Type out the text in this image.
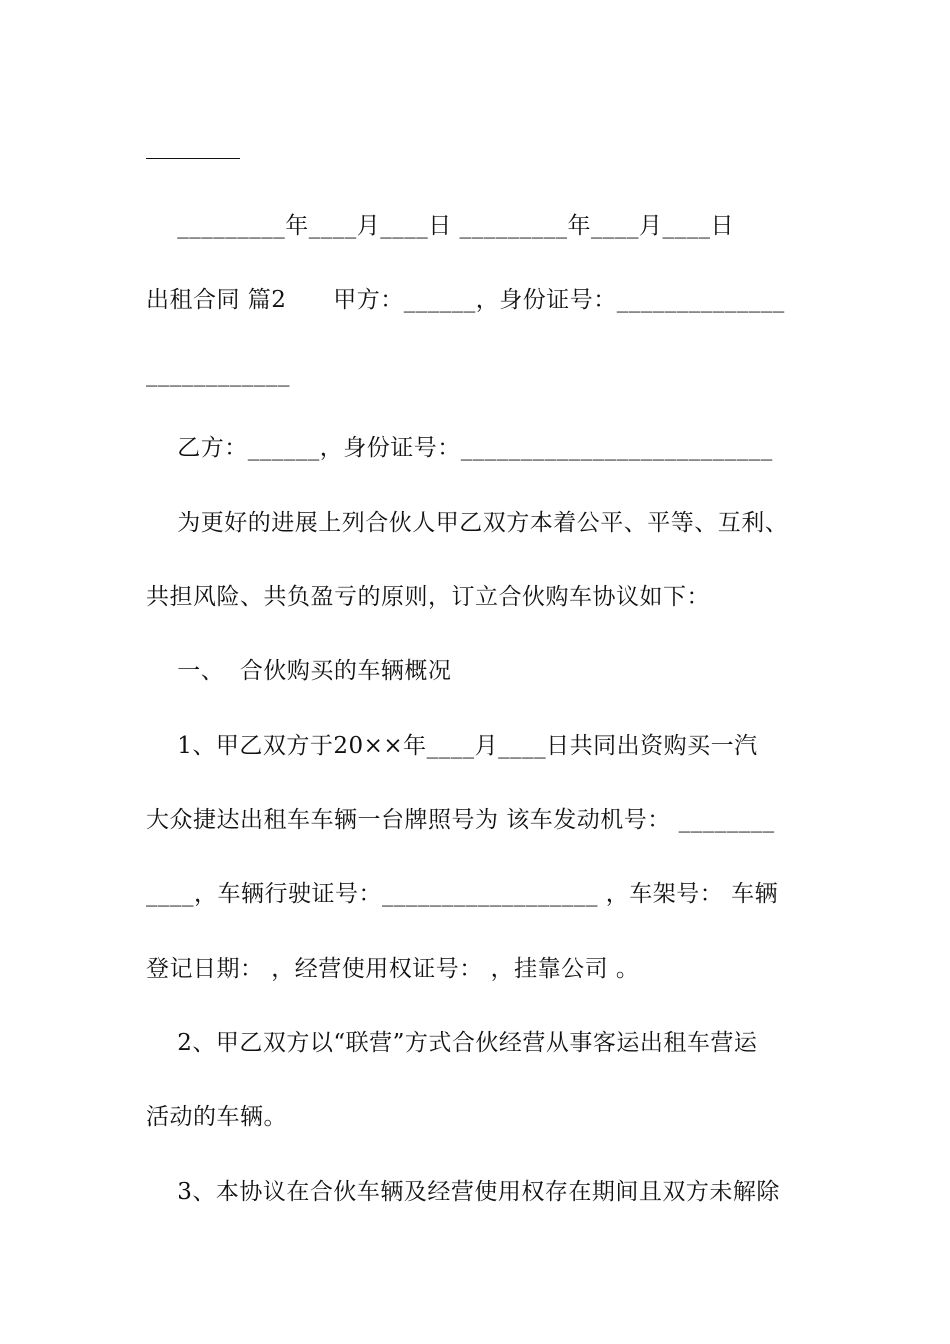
_________年____月____日 _________年____月____日
出租合同 篇2      甲方：______，身份证号：______________
____________
乙方：______，身份证号：__________________________
为更好的进展上列合伙人甲乙双方本着公平、平等、互利、
共担风险、共负盈亏的原则，订立合伙购车协议如下：
一、  合伙购买的车辆概况
1、甲乙双方于20××年____月____日共同出资购买一汽
大众捷达出租车车辆一台牌照号为 该车发动机号： ________
____，车辆行驶证号：__________________ ，车架号： 车辆
登记日期： ，经营使用权证号： ，挂靠公司 。
2、甲乙双方以“联营”方式合伙经营从事客运出租车营运
活动的车辆。
3、本协议在合伙车辆及经营使用权存在期间且双方未解除
